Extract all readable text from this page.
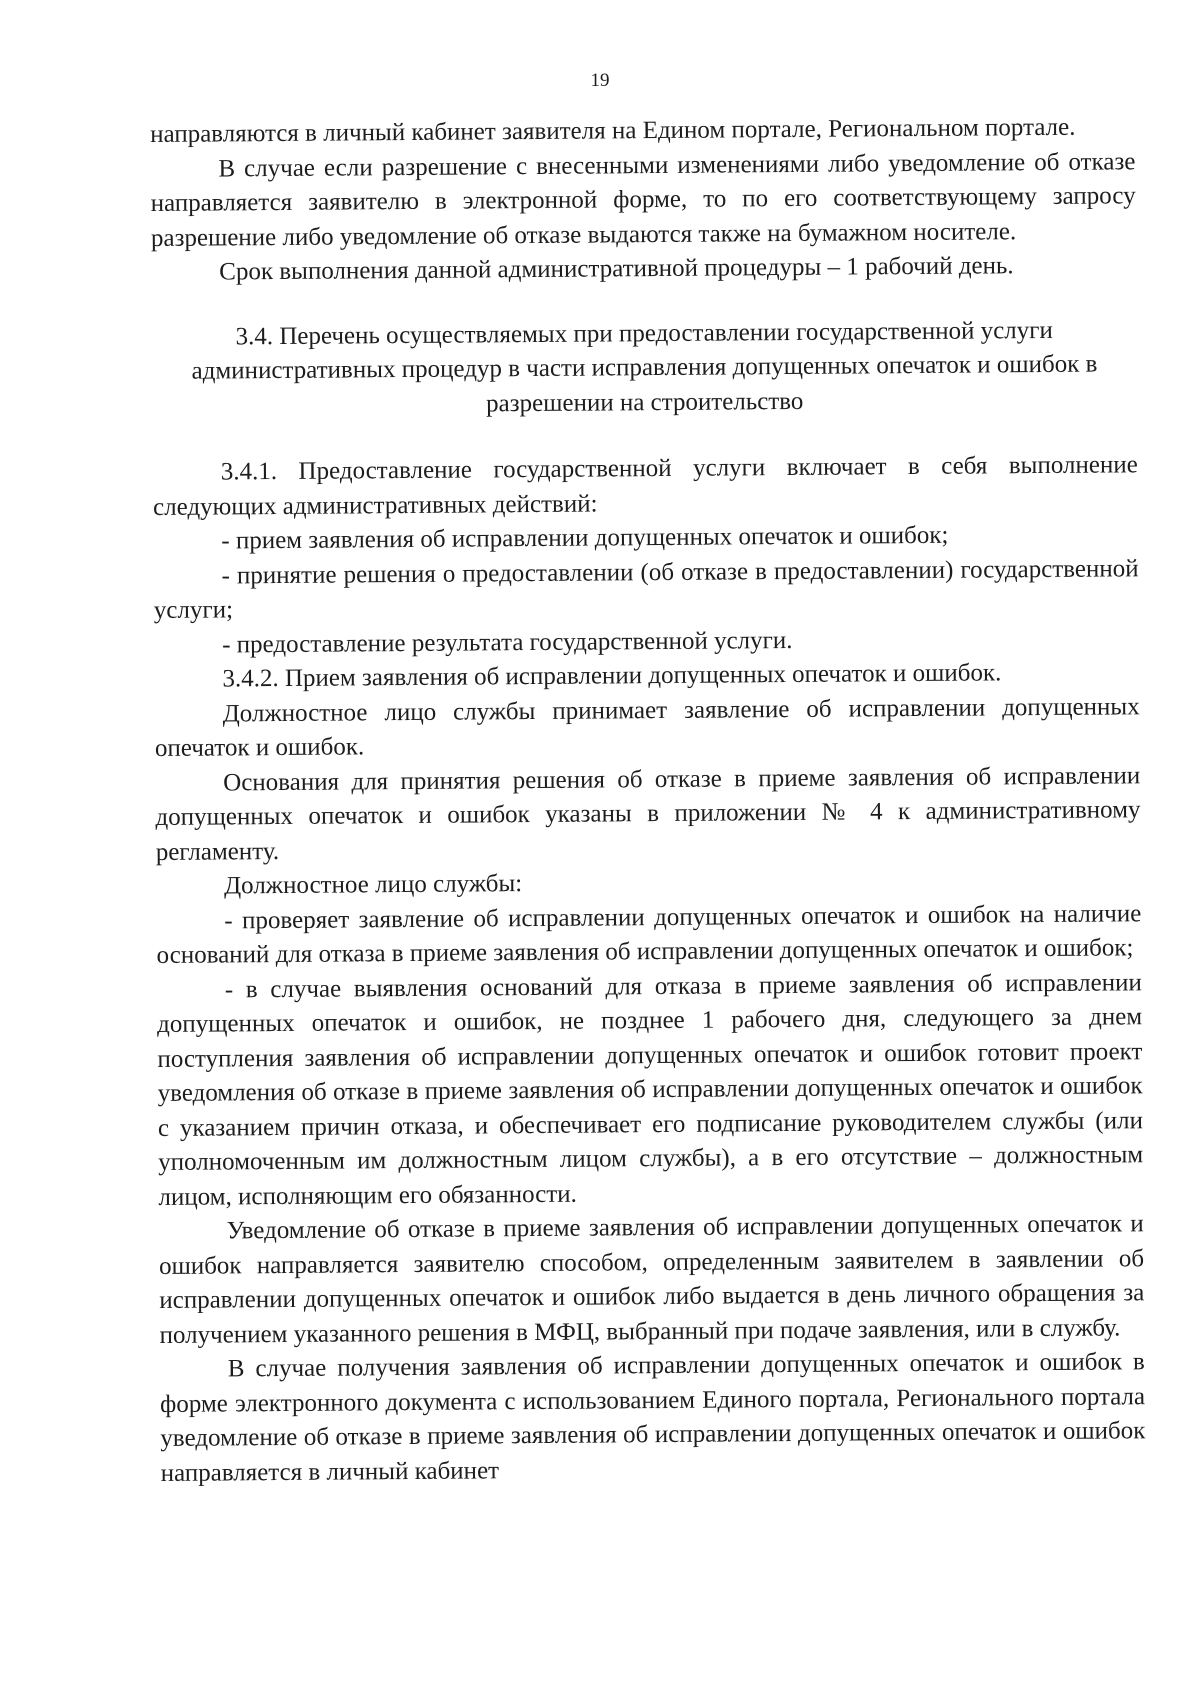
19

направляются в личный кабинет заявителя на Едином портале, Региональном портале.

В случае если разрешение с внесенными изменениями либо уведомление об отказе направляется заявителю в электронной форме, то по его соответствующему запросу разрешение либо уведомление об отказе выдаются также на бумажном носителе.

Срок выполнения данной административной процедуры – 1 рабочий день.

3.4. Перечень осуществляемых при предоставлении государственной услуги административных процедур в части исправления допущенных опечаток и ошибок в разрешении на строительство

3.4.1. Предоставление государственной услуги включает в себя выполнение следующих административных действий:

- прием заявления об исправлении допущенных опечаток и ошибок;

- принятие решения о предоставлении (об отказе в предоставлении) государственной услуги;

- предоставление результата государственной услуги.

3.4.2. Прием заявления об исправлении допущенных опечаток и ошибок.

Должностное лицо службы принимает заявление об исправлении допущенных опечаток и ошибок.

Основания для принятия решения об отказе в приеме заявления об исправлении допущенных опечаток и ошибок указаны в приложении № 4 к административному регламенту.

Должностное лицо службы:

- проверяет заявление об исправлении допущенных опечаток и ошибок на наличие оснований для отказа в приеме заявления об исправлении допущенных опечаток и ошибок;

- в случае выявления оснований для отказа в приеме заявления об исправлении допущенных опечаток и ошибок, не позднее 1 рабочего дня, следующего за днем поступления заявления об исправлении допущенных опечаток и ошибок готовит проект уведомления об отказе в приеме заявления об исправлении допущенных опечаток и ошибок с указанием причин отказа, и обеспечивает его подписание руководителем службы (или уполномоченным им должностным лицом службы), а в его отсутствие – должностным лицом, исполняющим его обязанности.

Уведомление об отказе в приеме заявления об исправлении допущенных опечаток и ошибок направляется заявителю способом, определенным заявителем в заявлении об исправлении допущенных опечаток и ошибок либо выдается в день личного обращения за получением указанного решения в МФЦ, выбранный при подаче заявления, или в службу.

В случае получения заявления об исправлении допущенных опечаток и ошибок в форме электронного документа с использованием Единого портала, Регионального портала уведомление об отказе в приеме заявления об исправлении допущенных опечаток и ошибок направляется в личный кабинет
